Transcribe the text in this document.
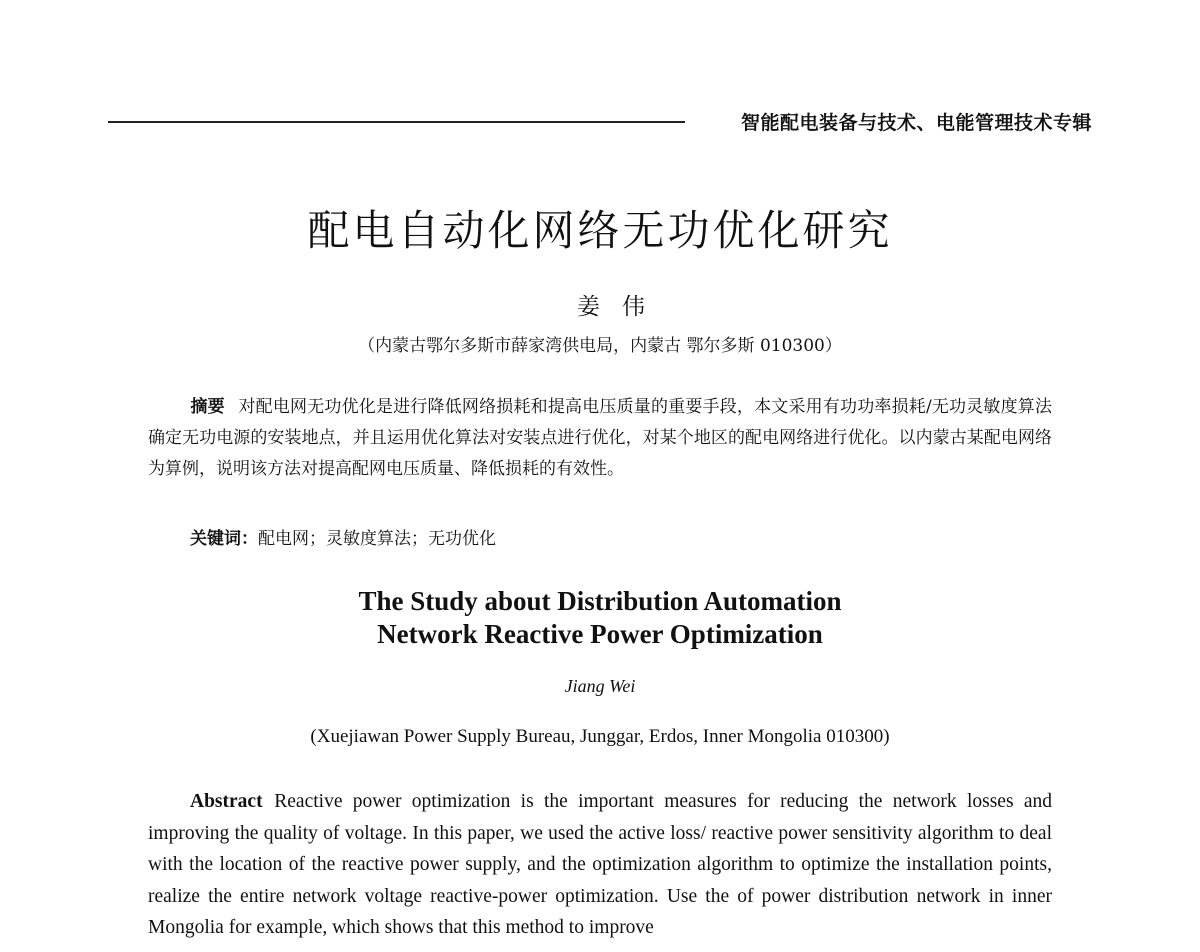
智能配电装备与技术、电能管理技术专辑
配电自动化网络无功优化研究
姜伟
（内蒙古鄂尔多斯市薛家湾供电局，内蒙古 鄂尔多斯 010300）

摘要 对配电网无功优化是进行降低网络损耗和提高电压质量的重要手段，本文采用有功功率损耗/无功灵敏度算法确定无功电源的安装地点，并且运用优化算法对安装点进行优化，对某个地区的配电网络进行优化。以内蒙古某配电网络为算例，说明该方法对提高配网电压质量、降低损耗的有效性。

关键词：配电网；灵敏度算法；无功优化
The Study about Distribution Automation
Network Reactive Power Optimization
Jiang Wei
(Xuejiawan Power Supply Bureau, Junggar, Erdos, Inner Mongolia 010300)

Abstract Reactive power optimization is the important measures for reducing the network losses and improving the quality of voltage. In this paper, we used the active loss/ reactive power sensitivity algorithm to deal with the location of the reactive power supply, and the optimization algorithm to optimize the installation points, realize the entire network voltage reactive-power optimization. Use the of power distribution network in inner Mongolia for example, which shows that this method to improve
